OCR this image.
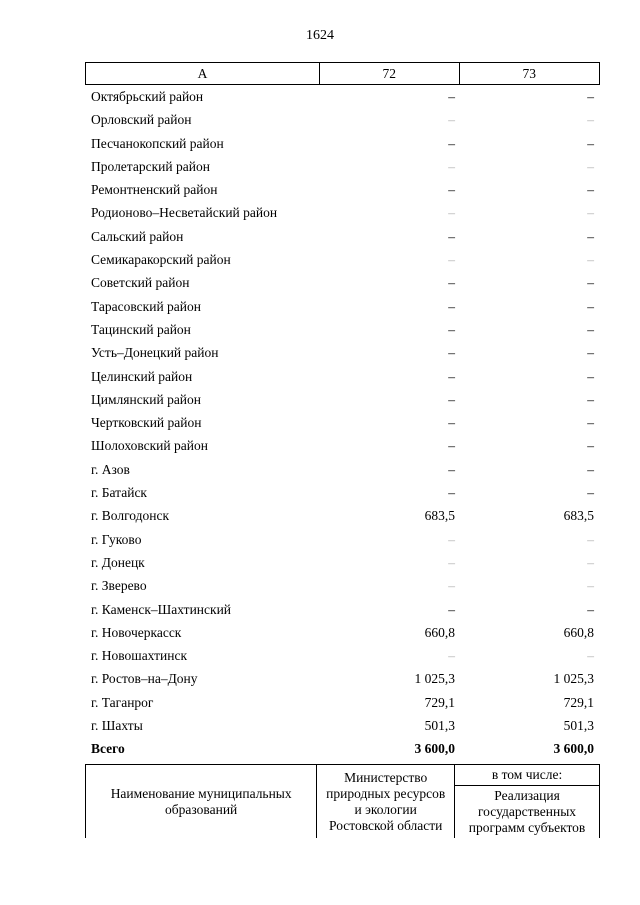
1624
А	72	73
Октябрьский район	–	–
Орловский район	–	–
Песчанокопский район	–	–
Пролетарский район	–	–
Ремонтненский район	–	–
Родионово–Несветайский район	–	–
Сальский район	–	–
Семикаракорский район	–	–
Советский район	–	–
Тарасовский район	–	–
Тацинский район	–	–
Усть–Донецкий район	–	–
Целинский район	–	–
Цимлянский район	–	–
Чертковский район	–	–
Шолоховский район	–	–
г. Азов	–	–
г. Батайск	–	–
г. Волгодонск	683,5	683,5
г. Гуково	–	–
г. Донецк	–	–
г. Зверево	–	–
г. Каменск–Шахтинский	–	–
г. Новочеркасск	660,8	660,8
г. Новошахтинск	–	–
г. Ростов–на–Дону	1 025,3	1 025,3
г. Таганрог	729,1	729,1
г. Шахты	501,3	501,3
Всего	3 600,0	3 600,0
Наименование муниципальных образований	Министерство природных ресурсов и экологии Ростовской области	в том числе:
Реализация государственных программ субъектов
